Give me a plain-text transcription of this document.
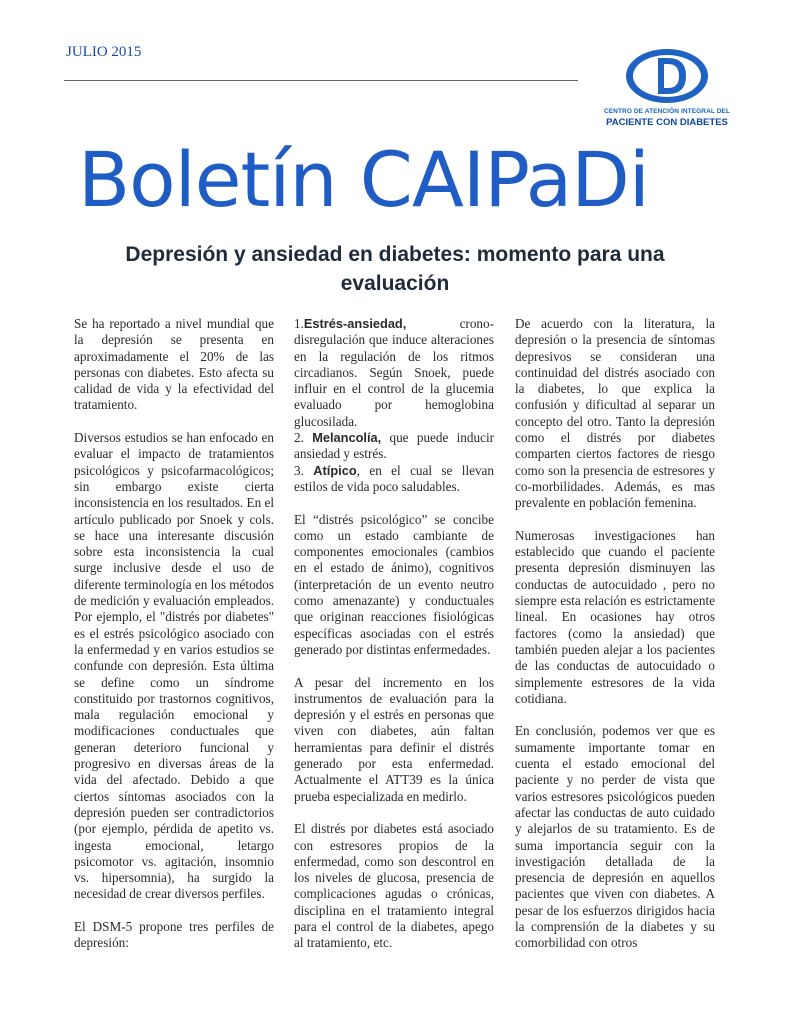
JULIO 2015
CENTRO DE ATENCIÓN INTEGRAL DEL
PACIENTE CON DIABETES
Boletín CAIPaDi
Depresión y ansiedad en diabetes: momento para una evaluación

Se ha reportado a nivel mundial que la depresión se presenta en aproximadamente el 20% de las personas con diabetes. Esto afecta su calidad de vida y la efectividad del tratamiento.

Diversos estudios se han enfocado en evaluar el impacto de tratamientos psicológicos y psicofarmacológicos; sin embargo existe cierta inconsistencia en los resultados. En el artículo publicado por Snoek y cols. se hace una interesante discusión sobre esta inconsistencia la cual surge inclusive desde el uso de diferente terminología en los métodos de medición y evaluación empleados. Por ejemplo, el "distrés por diabetes" es el estrés psicológico asociado con la enfermedad y en varios estudios se confunde con depresión. Esta última se define como un síndrome constituido por trastornos cognitivos, mala regulación emocional y modificaciones conductuales que generan deterioro funcional y progresivo en diversas áreas de la vida del afectado. Debido a que ciertos síntomas asociados con la depresión pueden ser contradictorios (por ejemplo, pérdida de apetito vs. ingesta emocional, letargo psicomotor vs. agitación, insomnio vs. hipersomnia), ha surgido la necesidad de crear diversos perfiles.

El DSM-5 propone tres perfiles de depresión:

1.Estrés-ansiedad, crono-disregulación que induce alteraciones en la regulación de los ritmos circadianos. Según Snoek, puede influir en el control de la glucemia evaluado por hemoglobina glucosilada.
2. Melancolía, que puede inducir ansiedad y estrés.
3. Atípico, en el cual se llevan estilos de vida poco saludables.

El “distrés psicológico” se concibe como un estado cambiante de componentes emocionales (cambios en el estado de ánimo), cognitivos (interpretación de un evento neutro como amenazante) y conductuales que originan reacciones fisiológicas específicas asociadas con el estrés generado por distintas enfermedades.

A pesar del incremento en los instrumentos de evaluación para la depresión y el estrés en personas que viven con diabetes, aún faltan herramientas para definir el distrés generado por esta enfermedad. Actualmente el ATT39 es la única prueba especializada en medirlo.

El distrés por diabetes está asociado con estresores propios de la enfermedad, como son descontrol en los niveles de glucosa, presencia de complicaciones agudas o crónicas, disciplina en el tratamiento integral para el control de la diabetes, apego al tratamiento, etc.

De acuerdo con la literatura, la depresión o la presencia de síntomas depresivos se consideran una continuidad del distrés asociado con la diabetes, lo que explica la confusión y dificultad al separar un concepto del otro. Tanto la depresión como el distrés por diabetes comparten ciertos factores de riesgo como son la presencia de estresores y co-morbilidades. Además, es mas prevalente en población femenina.

Numerosas investigaciones han establecido que cuando el paciente presenta depresión disminuyen las conductas de autocuidado , pero no siempre esta relación es estrictamente lineal. En ocasiones hay otros factores (como la ansiedad) que también pueden alejar a los pacientes de las conductas de autocuidado o simplemente estresores de la vida cotidiana.

En conclusión, podemos ver que es sumamente importante tomar en cuenta el estado emocional del paciente y no perder de vista que varios estresores psicológicos pueden afectar las conductas de auto cuidado y alejarlos de su tratamiento. Es de suma importancia seguir con la investigación detallada de la presencia de depresión en aquellos pacientes que viven con diabetes. A pesar de los esfuerzos dirigidos hacia la comprensión de la diabetes y su comorbilidad con otros
